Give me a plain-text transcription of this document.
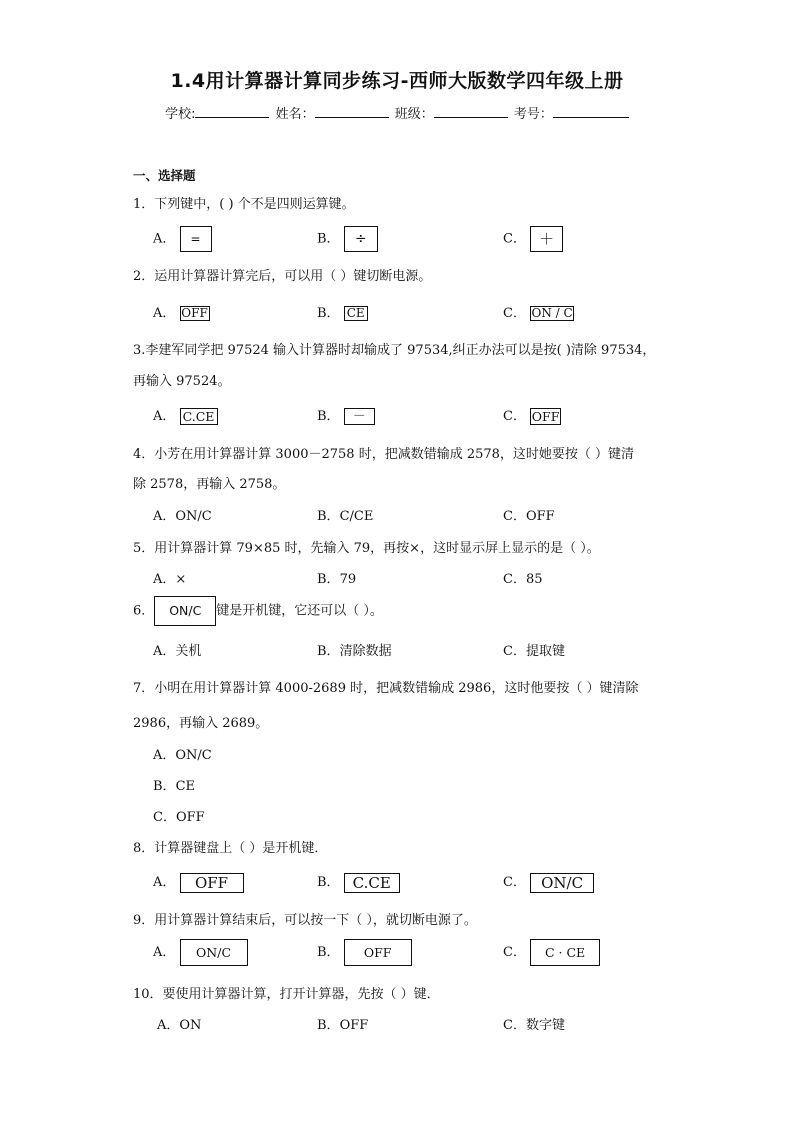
1.4用计算器计算同步练习-西师大版数学四年级上册
学校:	姓名：	班级：	考号：
一、选择题
1．下列键中，( ) 个不是四则运算键。
A． =	B． ÷	C． ＋
2．运用计算器计算完后，可以用（ ）键切断电源。
A． OFF	B． CE	C． ON / C
3.李建军同学把 97524 输入计算器时却输成了 97534,纠正办法可以是按( )清除 97534，
再输入 97524。
A． C.CE	B． －	C． OFF
4．小芳在用计算器计算 3000－2758 时，把减数错输成 2578，这时她要按（ ）键清
除 2578，再输入 2758。
A．ON/C	B．C/CE	C．OFF
5．用计算器计算 79×85 时，先输入 79，再按×，这时显示屏上显示的是（ ）。
A．×	B．79	C．85
6． ON/C 键是开机键，它还可以（ ）。
A．关机	B．清除数据	C．提取键
7．小明在用计算器计算 4000-2689 时，把减数错输成 2986，这时他要按（ ）键清除
2986，再输入 2689。
A．ON/C
B．CE
C．OFF
8．计算器键盘上（ ）是开机键．
A． OFF	B． C.CE	C． ON/C
9．用计算器计算结束后，可以按一下（ ），就切断电源了。
A． ON/C	B． OFF	C． C · CE
10．要使用计算器计算，打开计算器，先按（ ）键．
A．ON	B．OFF	C．数字键
